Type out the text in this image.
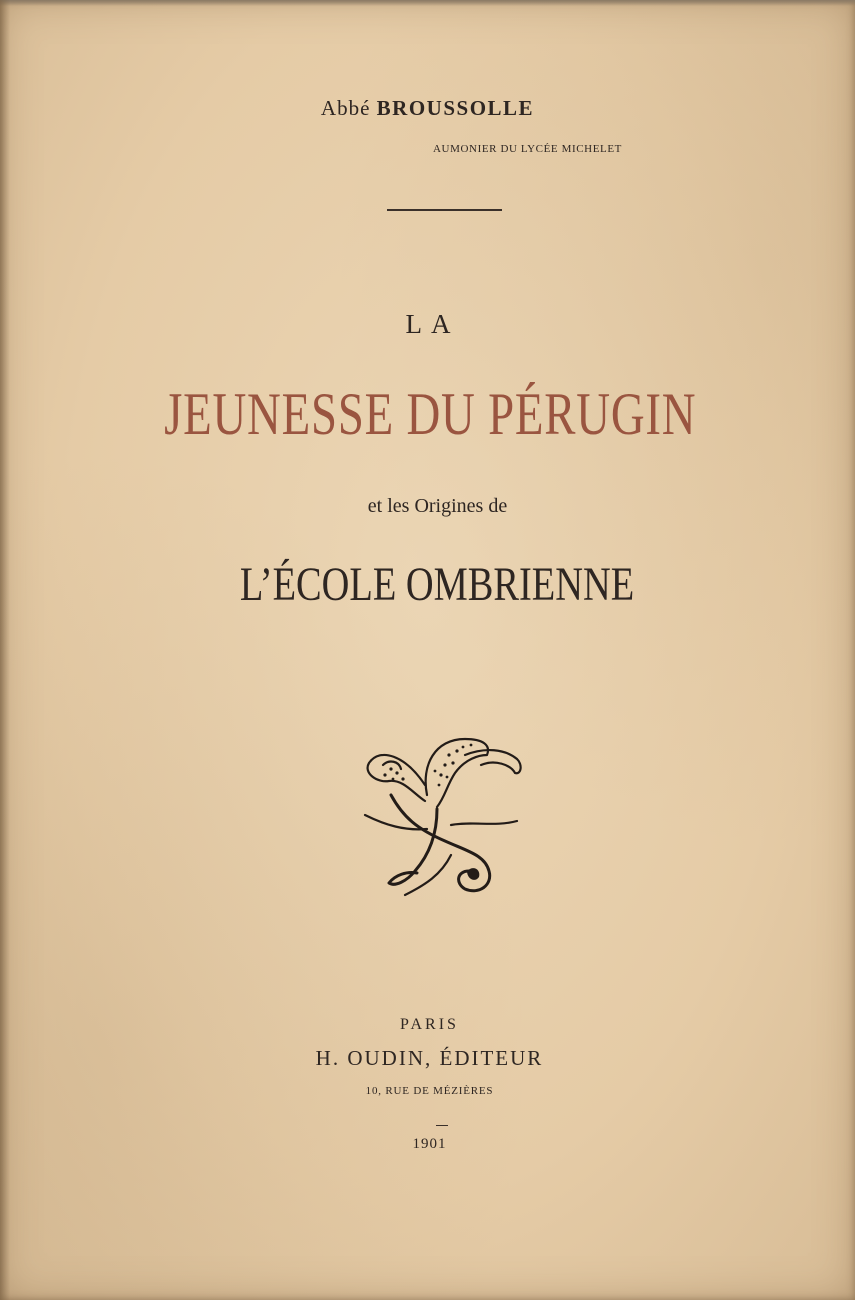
Abbé BROUSSOLLE
AUMONIER DU LYCÉE MICHELET
LA
JEUNESSE DU PÉRUGIN
et les Origines de
L’ÉCOLE OMBRIENNE
PARIS
H. OUDIN, ÉDITEUR
10, RUE DE MÉZIÈRES
1901
